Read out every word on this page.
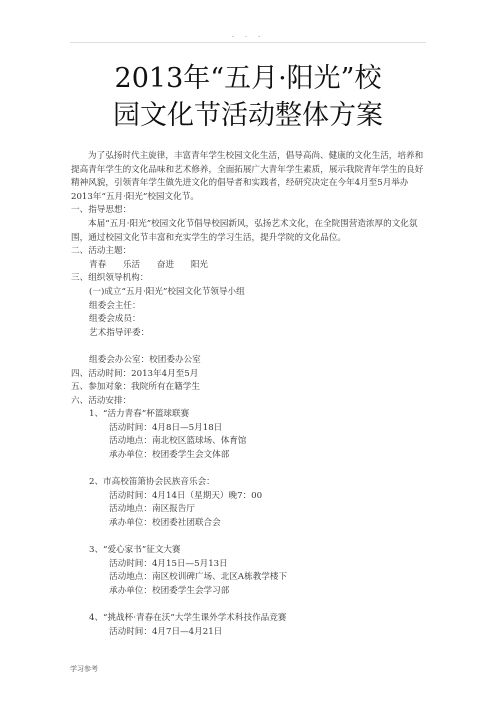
. . .
2013年“五月·阳光”校
园文化节活动整体方案
为了弘扬时代主旋律，丰富青年学生校园文化生活，倡导高尚、健康的文化生活，培养和提高青年学生的文化品味和艺术修养，全面拓展广大青年学生素质，展示我院青年学生的良好精神风貌，引领青年学生做先进文化的倡导者和实践者，经研究决定在今年4月至5月举办2013年“五月·阳光”校园文化节。
一、指导思想：
本届“五月·阳光”校园文化节倡导校园新风，弘扬艺术文化，在全院围营造浓厚的文化氛围，通过校园文化节丰富和充实学生的学习生活，提升学院的文化品位。
二、活动主题：
青春 乐活 奋进 阳光
三、组织领导机构：
(一)成立“五月·阳光”校园文化节领导小组
组委会主任：
组委会成员：
艺术指导评委：
组委会办公室：校团委办公室
四、活动时间：2013年4月至5月
五、参加对象：我院所有在籍学生
六、活动安排：
1、“活力青春”杯篮球联赛
活动时间：4月8日—5月18日
活动地点：南北校区篮球场、体育馆
承办单位：校团委学生会文体部
2、市高校笛箫协会民族音乐会：
活动时间：4月14日（星期天）晚7：00
活动地点：南区报告厅
承办单位：校团委社团联合会
3、“爱心家书”征文大赛
活动时间：4月15日—5月13日
活动地点：南区校训碑广场、北区A栋教学楼下
承办单位：校团委学生会学习部
4、“挑战杯·青春在沃”大学生课外学术科技作品竞赛
活动时间：4月7日—4月21日
学习参考
